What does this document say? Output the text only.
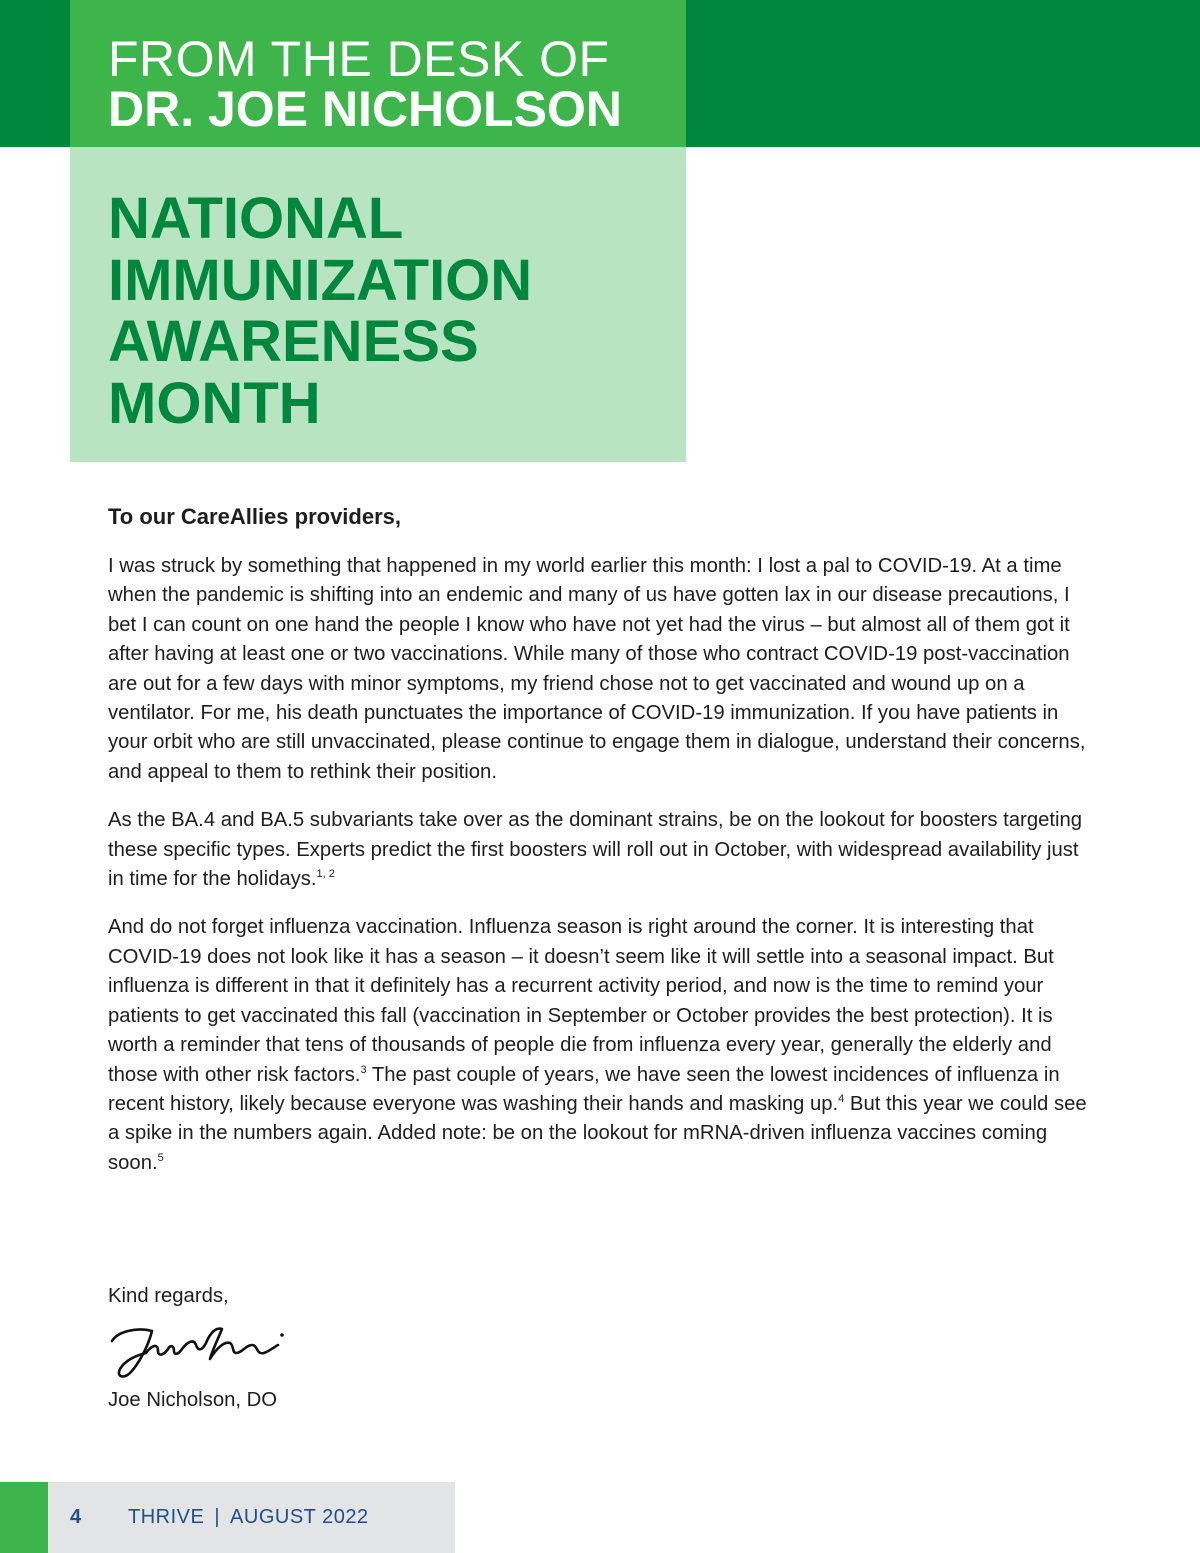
FROM THE DESK OF
DR. JOE NICHOLSON
NATIONAL
IMMUNIZATION
AWARENESS
MONTH

To our CareAllies providers,

I was struck by something that happened in my world earlier this month: I lost a pal to COVID-19. At a time when the pandemic is shifting into an endemic and many of us have gotten lax in our disease precautions, I bet I can count on one hand the people I know who have not yet had the virus – but almost all of them got it after having at least one or two vaccinations. While many of those who contract COVID-19 post-vaccination are out for a few days with minor symptoms, my friend chose not to get vaccinated and wound up on a ventilator. For me, his death punctuates the importance of COVID-19 immunization. If you have patients in your orbit who are still unvaccinated, please continue to engage them in dialogue, understand their concerns, and appeal to them to rethink their position.

As the BA.4 and BA.5 subvariants take over as the dominant strains, be on the lookout for boosters targeting these specific types. Experts predict the first boosters will roll out in October, with widespread availability just in time for the holidays.$^{1, 2}$

And do not forget influenza vaccination. Influenza season is right around the corner. It is interesting that COVID-19 does not look like it has a season – it doesn’t seem like it will settle into a seasonal impact. But influenza is different in that it definitely has a recurrent activity period, and now is the time to remind your patients to get vaccinated this fall (vaccination in September or October provides the best protection). It is worth a reminder that tens of thousands of people die from influenza every year, generally the elderly and those with other risk factors.$^3$ The past couple of years, we have seen the lowest incidences of influenza in recent history, likely because everyone was washing their hands and masking up.$^4$ But this year we could see a spike in the numbers again. Added note: be on the lookout for mRNA-driven influenza vaccines coming soon.$^5$

Kind regards,
Joe Nicholson, DO
4 THRIVE | AUGUST 2022
